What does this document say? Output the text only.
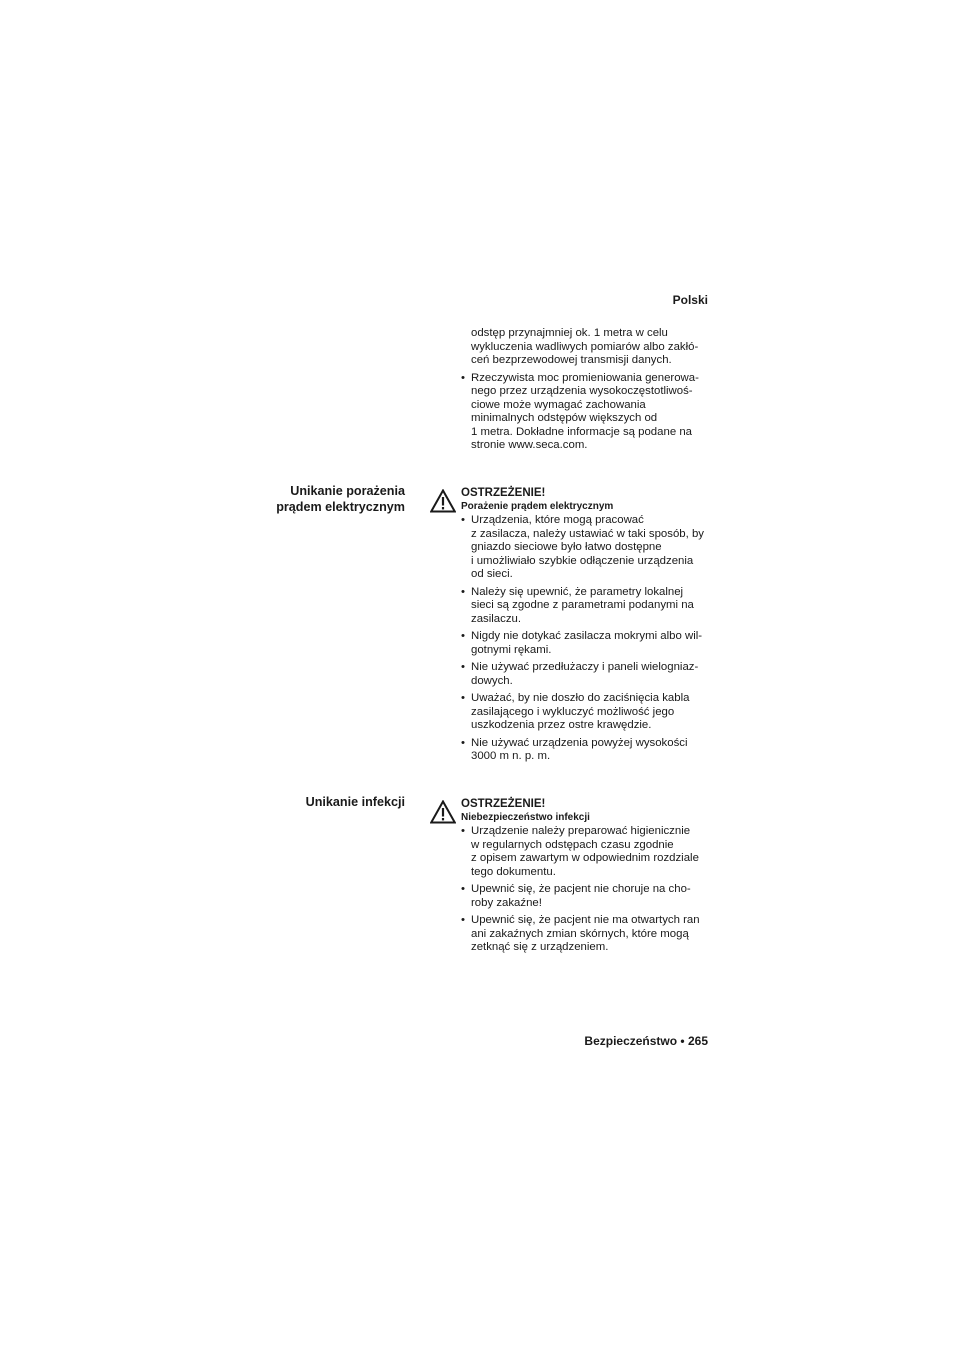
Polski
odstęp przynajmniej ok. 1 metra w celu
wykluczenia wadliwych pomiarów albo zakłó-
ceń bezprzewodowej transmisji danych.
• Rzeczywista moc promieniowania generowa-
nego przez urządzenia wysokoczęstotliwoś-
ciowe może wymagać zachowania
minimalnych odstępów większych od
1 metra. Dokładne informacje są podane na
stronie www.seca.com.
Unikanie porażenia
prądem elektrycznym
OSTRZEŻENIE!
Porażenie prądem elektrycznym
• Urządzenia, które mogą pracować
z zasilacza, należy ustawiać w taki sposób, by
gniazdo sieciowe było łatwo dostępne
i umożliwiało szybkie odłączenie urządzenia
od sieci.
• Należy się upewnić, że parametry lokalnej
sieci są zgodne z parametrami podanymi na
zasilaczu.
• Nigdy nie dotykać zasilacza mokrymi albo wil-
gotnymi rękami.
• Nie używać przedłużaczy i paneli wielogniaz-
dowych.
• Uważać, by nie doszło do zaciśnięcia kabla
zasilającego i wykluczyć możliwość jego
uszkodzenia przez ostre krawędzie.
• Nie używać urządzenia powyżej wysokości
3000 m n. p. m.
Unikanie infekcji	OSTRZEŻENIE!
Niebezpieczeństwo infekcji
• Urządzenie należy preparować higienicznie
w regularnych odstępach czasu zgodnie
z opisem zawartym w odpowiednim rozdziale
tego dokumentu.
• Upewnić się, że pacjent nie choruje na cho-
roby zakaźne!
• Upewnić się, że pacjent nie ma otwartych ran
ani zakaźnych zmian skórnych, które mogą
zetknąć się z urządzeniem.
Bezpieczeństwo • 265
